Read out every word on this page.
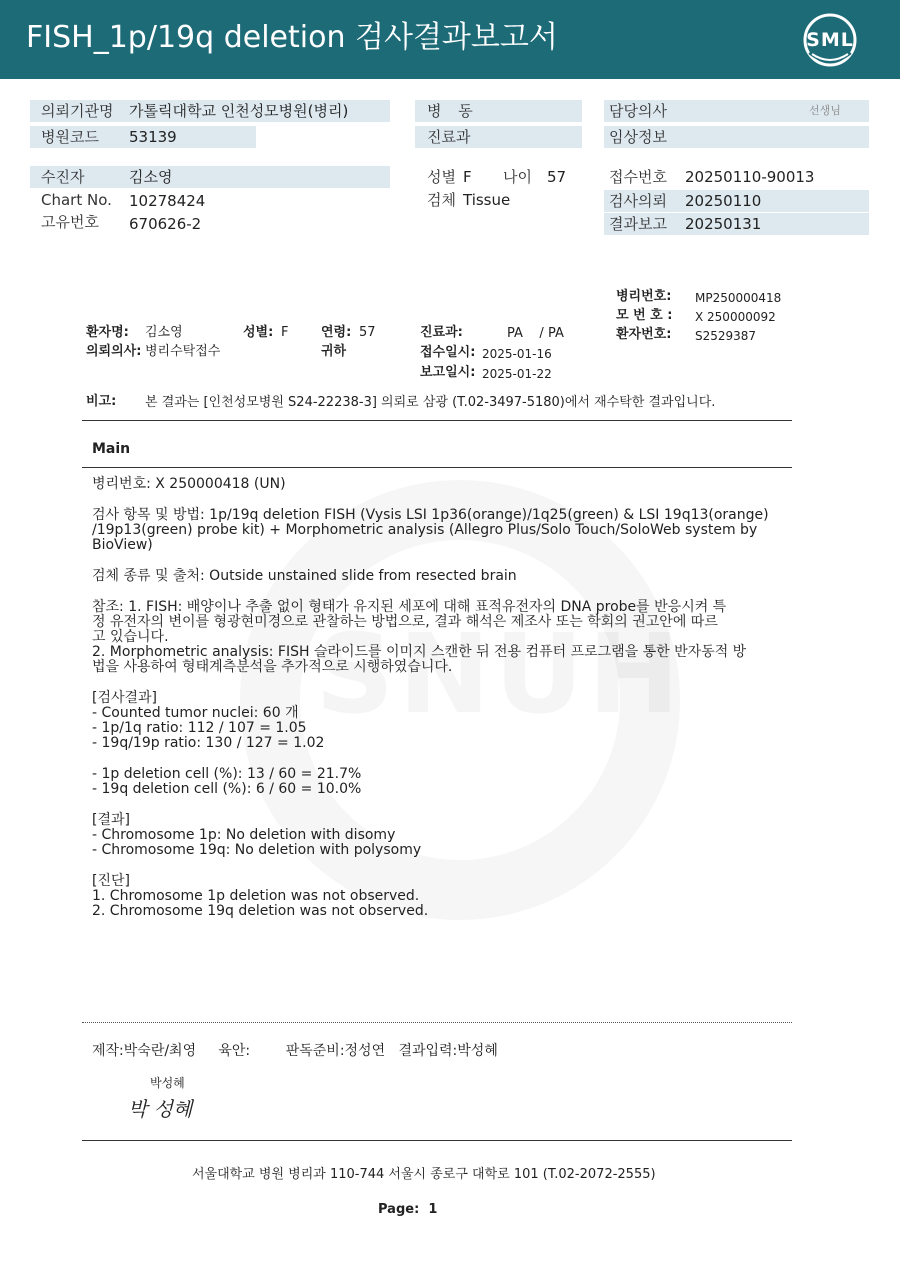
FISH_1p/19q deletion 검사결과보고서	SML
의뢰기관명 가톨릭대학교 인천성모병원(병리)
병원코드 53139
병 동
진료과
담당의사	선생님
임상정보
수진자	김소영
Chart No. 10278424
고유번호 670626-2
성별 F 나이 57
검체 Tissue
접수번호 20250110-90013
검사의뢰 20250110
결과보고 20250131
병리번호: MP250000418
모 번 호 : X 250000092
환자번호: S2529387
환자명: 김소영	성별: F	연령: 57	진료과:	PA    / PA
의뢰의사: 병리수탁접수	귀하	접수일시: 2025-01-16
보고일시: 2025-01-22
비고: 본 결과는 [인천성모병원 S24-22238-3] 의뢰로 삼광 (T.02-3497-5180)에서 재수탁한 결과입니다.
Main
병리번호: X 250000418 (UN)
검사 항목 및 방법: 1p/19q deletion FISH (Vysis LSI 1p36(orange)/1q25(green) & LSI 19q13(orange)
/19p13(green) probe kit) + Morphometric analysis (Allegro Plus/Solo Touch/SoloWeb system by
BioView)
검체 종류 및 출처: Outside unstained slide from resected brain
참조: 1. FISH: 배양이나 추출 없이 형태가 유지된 세포에 대해 표적유전자의 DNA probe를 반응시켜 특
정 유전자의 변이를 형광현미경으로 관찰하는 방법으로, 결과 해석은 제조사 또는 학회의 권고안에 따르
고 있습니다.
2. Morphometric analysis: FISH 슬라이드를 이미지 스캔한 뒤 전용 컴퓨터 프로그램을 통한 반자동적 방
법을 사용하여 형태계측분석을 추가적으로 시행하였습니다.
[검사결과]
- Counted tumor nuclei: 60 개
- 1p/1q ratio: 112 / 107 = 1.05
- 19q/19p ratio: 130 / 127 = 1.02
- 1p deletion cell (%): 13 / 60 = 21.7%
- 19q deletion cell (%): 6 / 60 = 10.0%
[결과]
- Chromosome 1p: No deletion with disomy
- Chromosome 19q: No deletion with polysomy
[진단]
1. Chromosome 1p deletion was not observed.
2. Chromosome 19q deletion was not observed.
제작:박숙란/최영     육안:        판독준비:정성연   결과입력:박성혜
박성혜
박 성혜
서울대학교 병원 병리과 110-744 서울시 종로구 대학로 101 (T.02-2072-2555)
Page:  1
